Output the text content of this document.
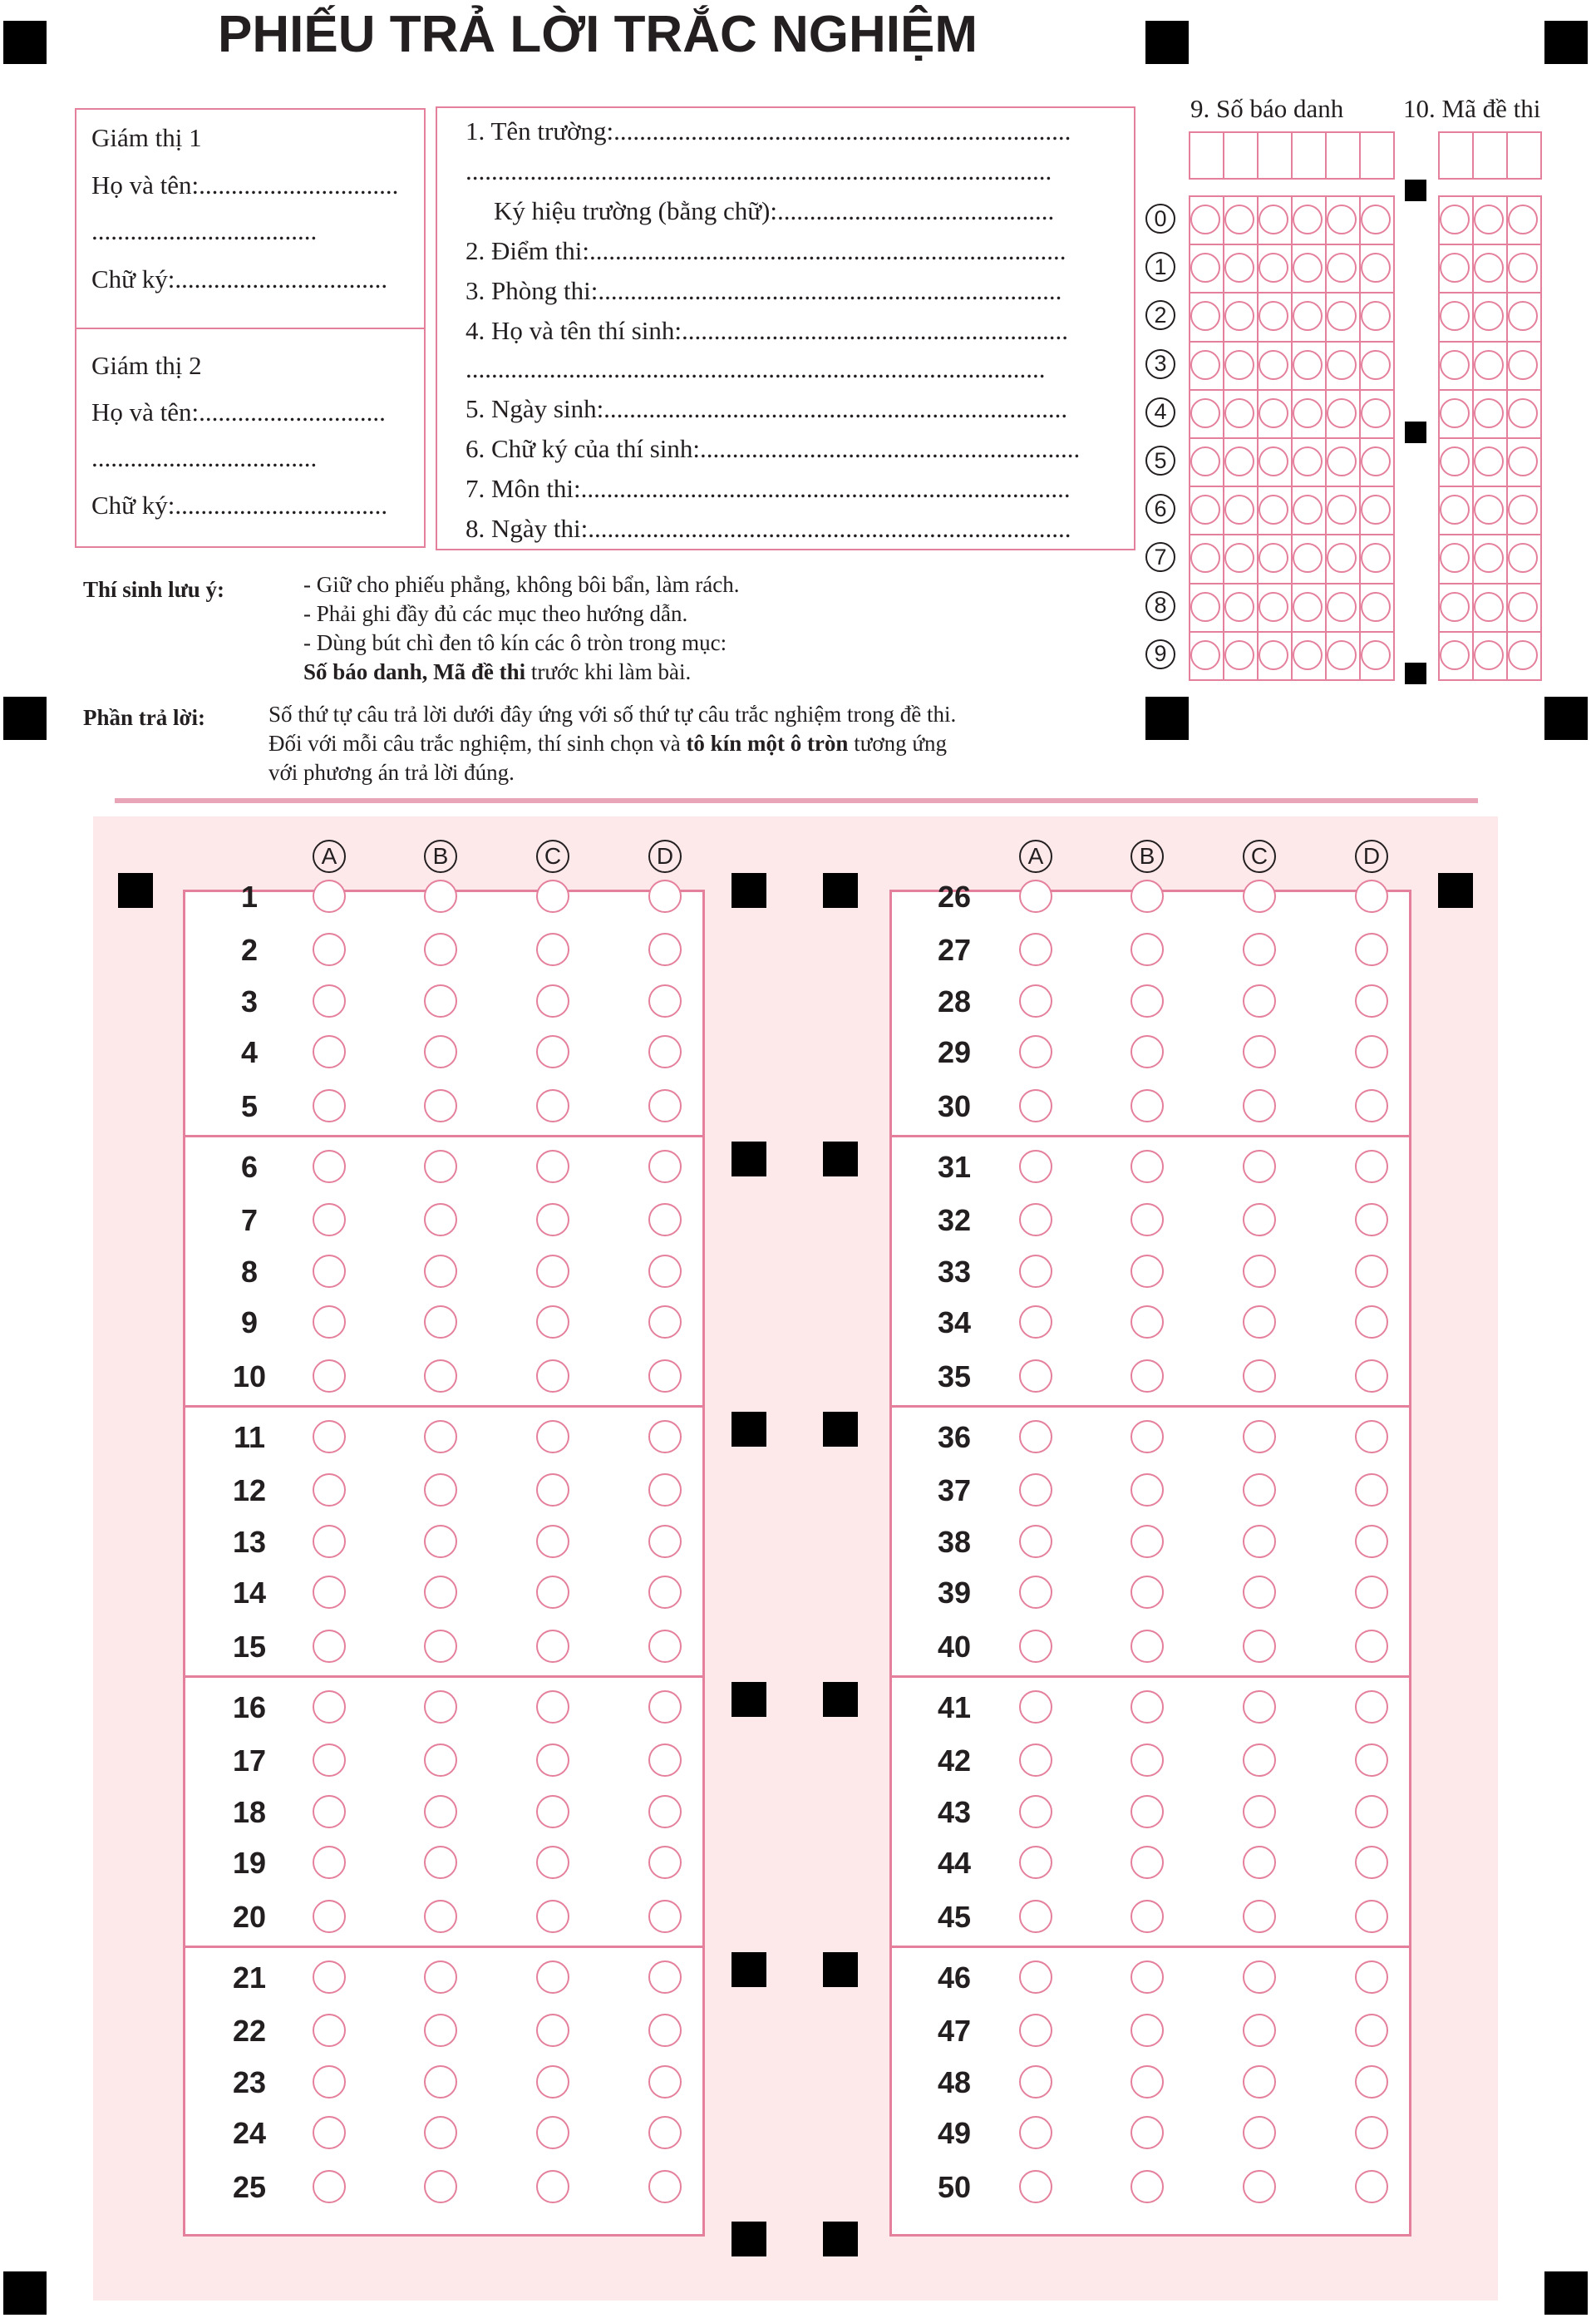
PHIẾU TRẢ LỜI TRẮC NGHIỆM
Giám thị 1
Họ và tên:...............................
...................................
Chữ ký:.................................
Giám thị 2
Họ và tên:.............................
...................................
Chữ ký:.................................
1. Tên trường:.......................................................................
...........................................................................................
Ký hiệu trường (bằng chữ):...........................................
2. Điểm thi:..........................................................................
3. Phòng thi:........................................................................
4. Họ và tên thí sinh:............................................................
..........................................................................................
5. Ngày sinh:........................................................................
6. Chữ ký của thí sinh:...........................................................
7. Môn thi:............................................................................
8. Ngày thi:...........................................................................
9. Số báo danh 10. Mã đề thi
0
1
2
3
4
5
6
7
8
9
Thí sinh lưu ý:	- Giữ cho phiếu phẳng, không bôi bẩn, làm rách.
- Phải ghi đầy đủ các mục theo hướng dẫn.
- Dùng bút chì đen tô kín các ô tròn trong mục:
Số báo danh, Mã đề thi trước khi làm bài.
Phần trả lời:	Số thứ tự câu trả lời dưới đây ứng với số thứ tự câu trắc nghiệm trong đề thi.
Đối với mỗi câu trắc nghiệm, thí sinh chọn và tô kín một ô tròn tương ứng
với phương án trả lời đúng.
A	B	C	D
1
2
3
4
5
6
7
8
9
10
11
12
13
14
15
16
17
18
19
20
21
22
23
24
25
A	B	C	D
26
27
28
29
30
31
32
33
34
35
36
37
38
39
40
41
42
43
44
45
46
47
48
49
50
